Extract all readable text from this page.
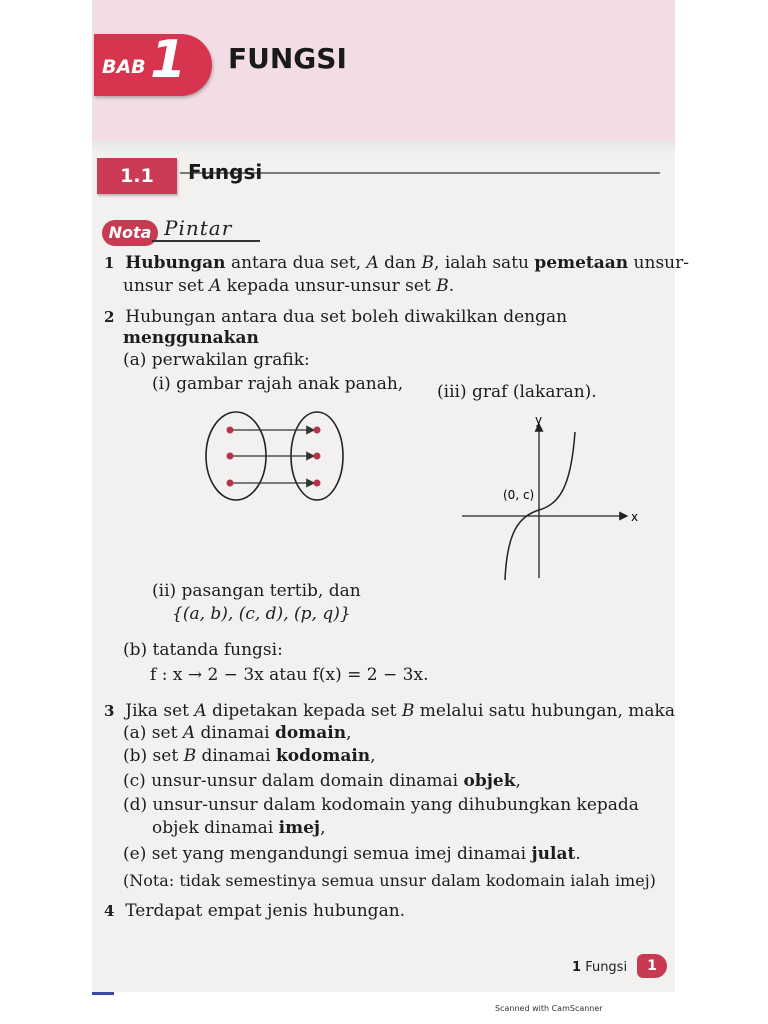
BAB 1 FUNGSI
1.1	Fungsi
Nota Pintar
1 Hubungan antara dua set, A dan B, ialah satu pemetaan unsur-
unsur set A kepada unsur-unsur set B.
2 Hubungan antara dua set boleh diwakilkan dengan
menggunakan
(a) perwakilan grafik:
(i) gambar rajah anak panah, (iii) graf (lakaran).
y
x
(0, c)
(ii) pasangan tertib, dan
{(a, b), (c, d), (p, q)}
(b) tatanda fungsi:
f : x → 2 − 3x atau f(x) = 2 − 3x.
3 Jika set A dipetakan kepada set B melalui satu hubungan, maka
(a) set A dinamai domain,
(b) set B dinamai kodomain,
(c) unsur-unsur dalam domain dinamai objek,
(d) unsur-unsur dalam kodomain yang dihubungkan kepada
objek dinamai imej,
(e) set yang mengandungi semua imej dinamai julat.
(Nota: tidak semestinya semua unsur dalam kodomain ialah imej)
4 Terdapat empat jenis hubungan.
1 Fungsi	1
Scanned with CamScanner
